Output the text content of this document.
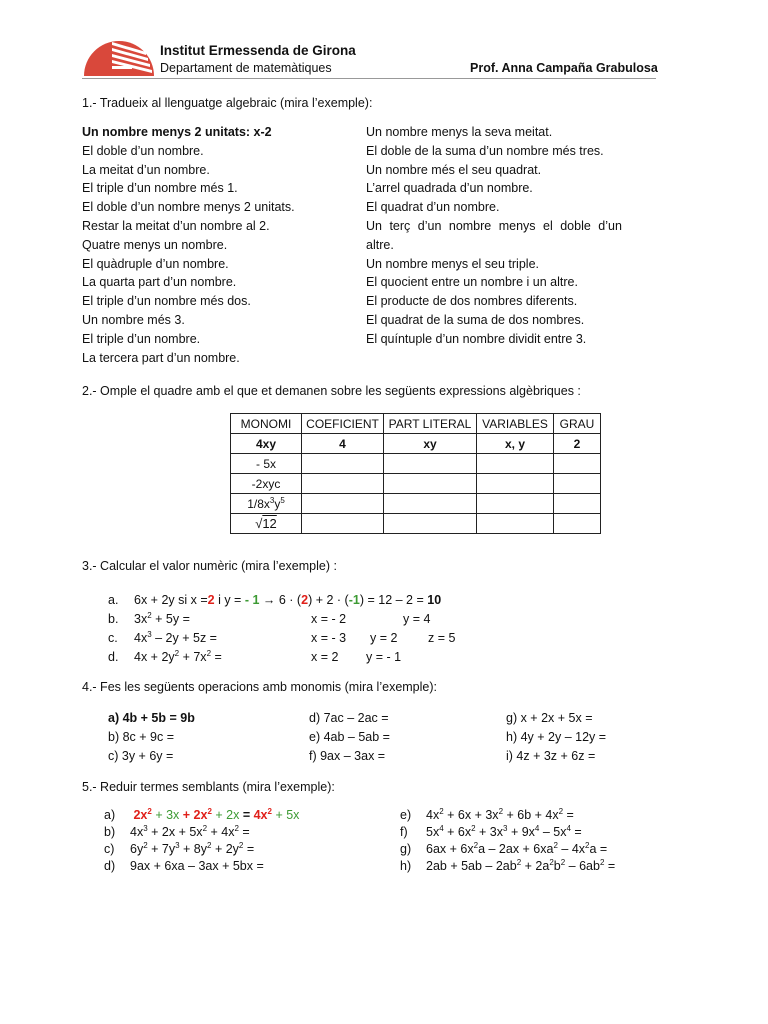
Institut Ermessenda de Girona
Departament de matemàtiques	Prof. Anna Campaña Grabulosa
1.- Tradueix al llenguatge algebraic (mira l’exemple):
Un nombre menys 2 unitats: x-2
El doble d’un nombre.
La meitat d’un nombre.
El triple d’un nombre més 1.
El doble d’un nombre menys 2 unitats.
Restar la meitat d’un nombre al 2.
Quatre menys un nombre.
El quàdruple d’un nombre.
La quarta part d’un nombre.
El triple d’un nombre més dos.
Un nombre més 3.
El triple d’un nombre.
La tercera part d’un nombre.
Un nombre menys la seva meitat.
El doble de la suma d’un nombre més tres.
Un nombre més el seu quadrat.
L’arrel quadrada d’un nombre.
El quadrat d’un nombre.
Un terç d’un nombre menys el doble d’un
altre.
Un nombre menys el seu triple.
El quocient entre un nombre i un altre.
El producte de dos nombres diferents.
El quadrat de la suma de dos nombres.
El quíntuple d’un nombre dividit entre 3.
2.- Omple el quadre amb el que et demanen sobre les següents expressions algèbriques :
MONOMI	COEFICIENT	PART LITERAL	VARIABLES	GRAU
4xy	4	xy	x, y	2
- 5x				
-2xyc				
$1/8x^3y^5$				
√12				
3.- Calcular el valor numèric (mira l’exemple) :
a. 6x + 2y si x =2 i y = - 1 → 6 · (2) + 2 · (-1) = 12 – 2 = 10
b. $3x^2 + 5y$ =	x = - 2	y = 4
c. $4x^3 - 2y + 5z$ =	x = - 3 y = 2 z = 5
d. $4x + 2y^2 + 7x^2$ =	x = 2 y = - 1
4.- Fes les següents operacions amb monomis (mira l’exemple):
a) 4b + 5b = 9b
b) 8c + 9c =
c) 3y + 6y =
d) 7ac – 2ac =
e) 4ab – 5ab =
f) 9ax – 3ax =
g) x + 2x + 5x =
h) 4y + 2y – 12y =
i) 4z + 3z + 6z =
5.- Reduir termes semblants (mira l’exemple):
a) $2x^2 + 3x + 2x^2 + 2x = 4x^2 + 5x$
b) $4x^3 + 2x + 5x^2 + 4x^2$ =
c) $6y^2 + 7y^3 + 8y^2 + 2y^2$ =
d) 9ax + 6xa – 3ax + 5bx =
e) $4x^2 + 6x + 3x^2 + 6b + 4x^2$ =
f) $5x^4 + 6x^2 + 3x^3 + 9x^4 - 5x^4$ =
g) $6ax + 6x^2a - 2ax + 6xa^2 - 4x^2a$ =
h) $2ab + 5ab - 2ab^2 + 2a^2b^2 - 6ab^2$ =
